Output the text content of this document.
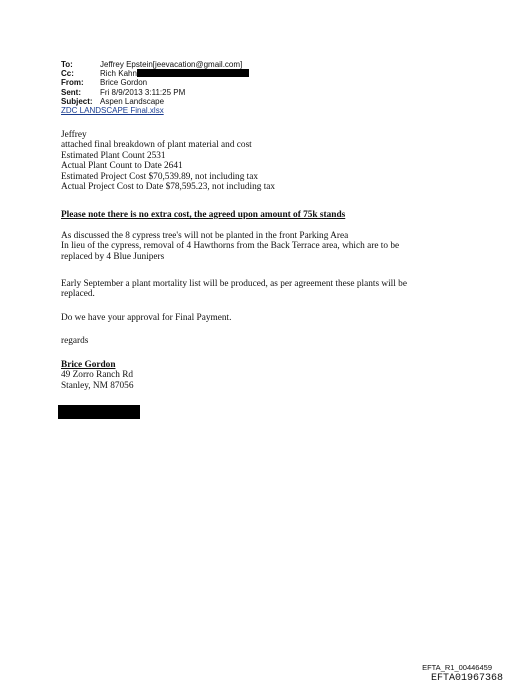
To:	Jeffrey Epstein[jeevacation@gmail.com]
Cc:	Rich Kahn
From:	Brice Gordon
Sent:	Fri 8/9/2013 3:11:25 PM
Subject: Aspen Landscape
ZDC LANDSCAPE Final.xlsx
Jeffrey
attached final breakdown of plant material and cost
Estimated Plant Count 2531
Actual Plant Count to Date 2641
Estimated Project Cost $70,539.89, not including tax
Actual Project Cost to Date $78,595.23, not including tax
Please note there is no extra cost, the agreed upon amount of 75k stands
As discussed the 8 cypress tree's will not be planted in the front Parking Area
In lieu of the cypress, removal of 4 Hawthorns from the Back Terrace area, which are to be
replaced by 4 Blue Junipers
Early September a plant mortality list will be produced, as per agreement these plants will be
replaced.
Do we have your approval for Final Payment.
regards
Brice Gordon
49 Zorro Ranch Rd
Stanley, NM 87056
EFTA_R1_00446459
EFTA01967368
